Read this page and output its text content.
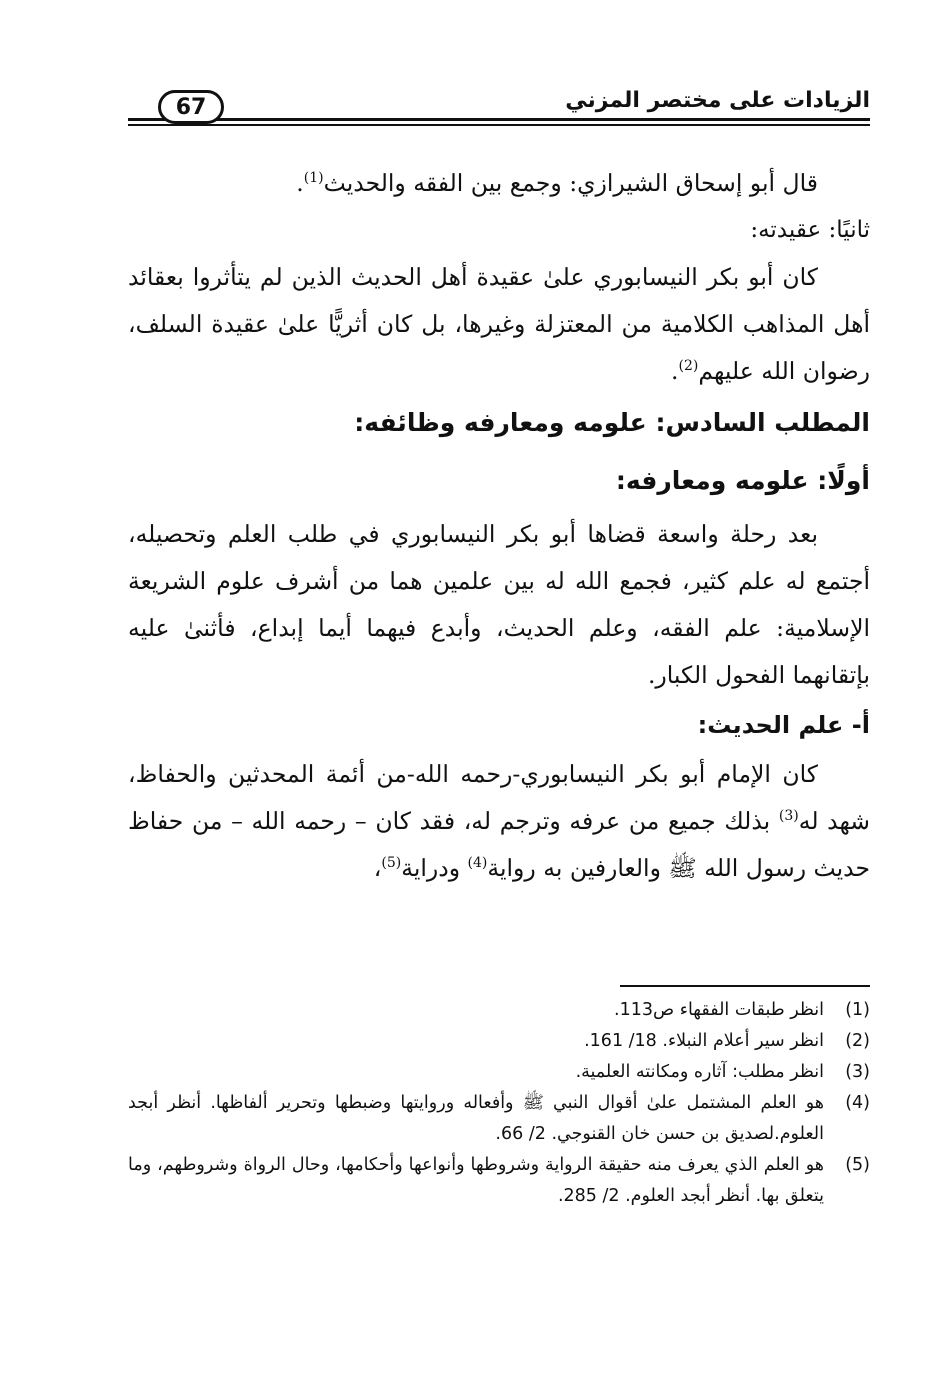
الزيادات على مختصر المزني
67

قال أبو إسحاق الشيرازي: وجمع بين الفقه والحديث$^{(1)}$.

ثانيًا: عقيدته:

كان أبو بكر النيسابوري علىٰ عقيدة أهل الحديث الذين لم يتأثروا بعقائد أهل المذاهب الكلامية من المعتزلة وغيرها، بل كان أثريًّا علىٰ عقيدة السلف، رضوان الله عليهم$^{(2)}$.

المطلب السادس: علومه ومعارفه وظائفه:

أولًا: علومه ومعارفه:

بعد رحلة واسعة قضاها أبو بكر النيسابوري في طلب العلم وتحصيله، أجتمع له علم كثير، فجمع الله له بين علمين هما من أشرف علوم الشريعة الإسلامية: علم الفقه، وعلم الحديث، وأبدع فيهما أيما إبداع، فأثنىٰ عليه بإتقانهما الفحول الكبار.

أ- علم الحديث:

كان الإمام أبو بكر النيسابوري-رحمه الله-من أئمة المحدثين والحفاظ، شهد له$^{(3)}$ بذلك جميع من عرفه وترجم له، فقد كان – رحمه الله – من حفاظ حديث رسول الله ﷺ والعارفين به رواية$^{(4)}$ ودراية$^{(5)}$،

(1)
انظر طبقات الفقهاء ص113.
(2)
انظر سير أعلام النبلاء. 18/ 161.
(3)
انظر مطلب: آثاره ومكانته العلمية.
(4)
هو العلم المشتمل علىٰ أقوال النبي ﷺ وأفعاله وروايتها وضبطها وتحرير ألفاظها. أنظر أبجد العلوم.لصديق بن حسن خان القنوجي. 2/ 66.
(5)
هو العلم الذي يعرف منه حقيقة الرواية وشروطها وأنواعها وأحكامها، وحال الرواة وشروطهم، وما يتعلق بها. أنظر أبجد العلوم. 2/ 285.
